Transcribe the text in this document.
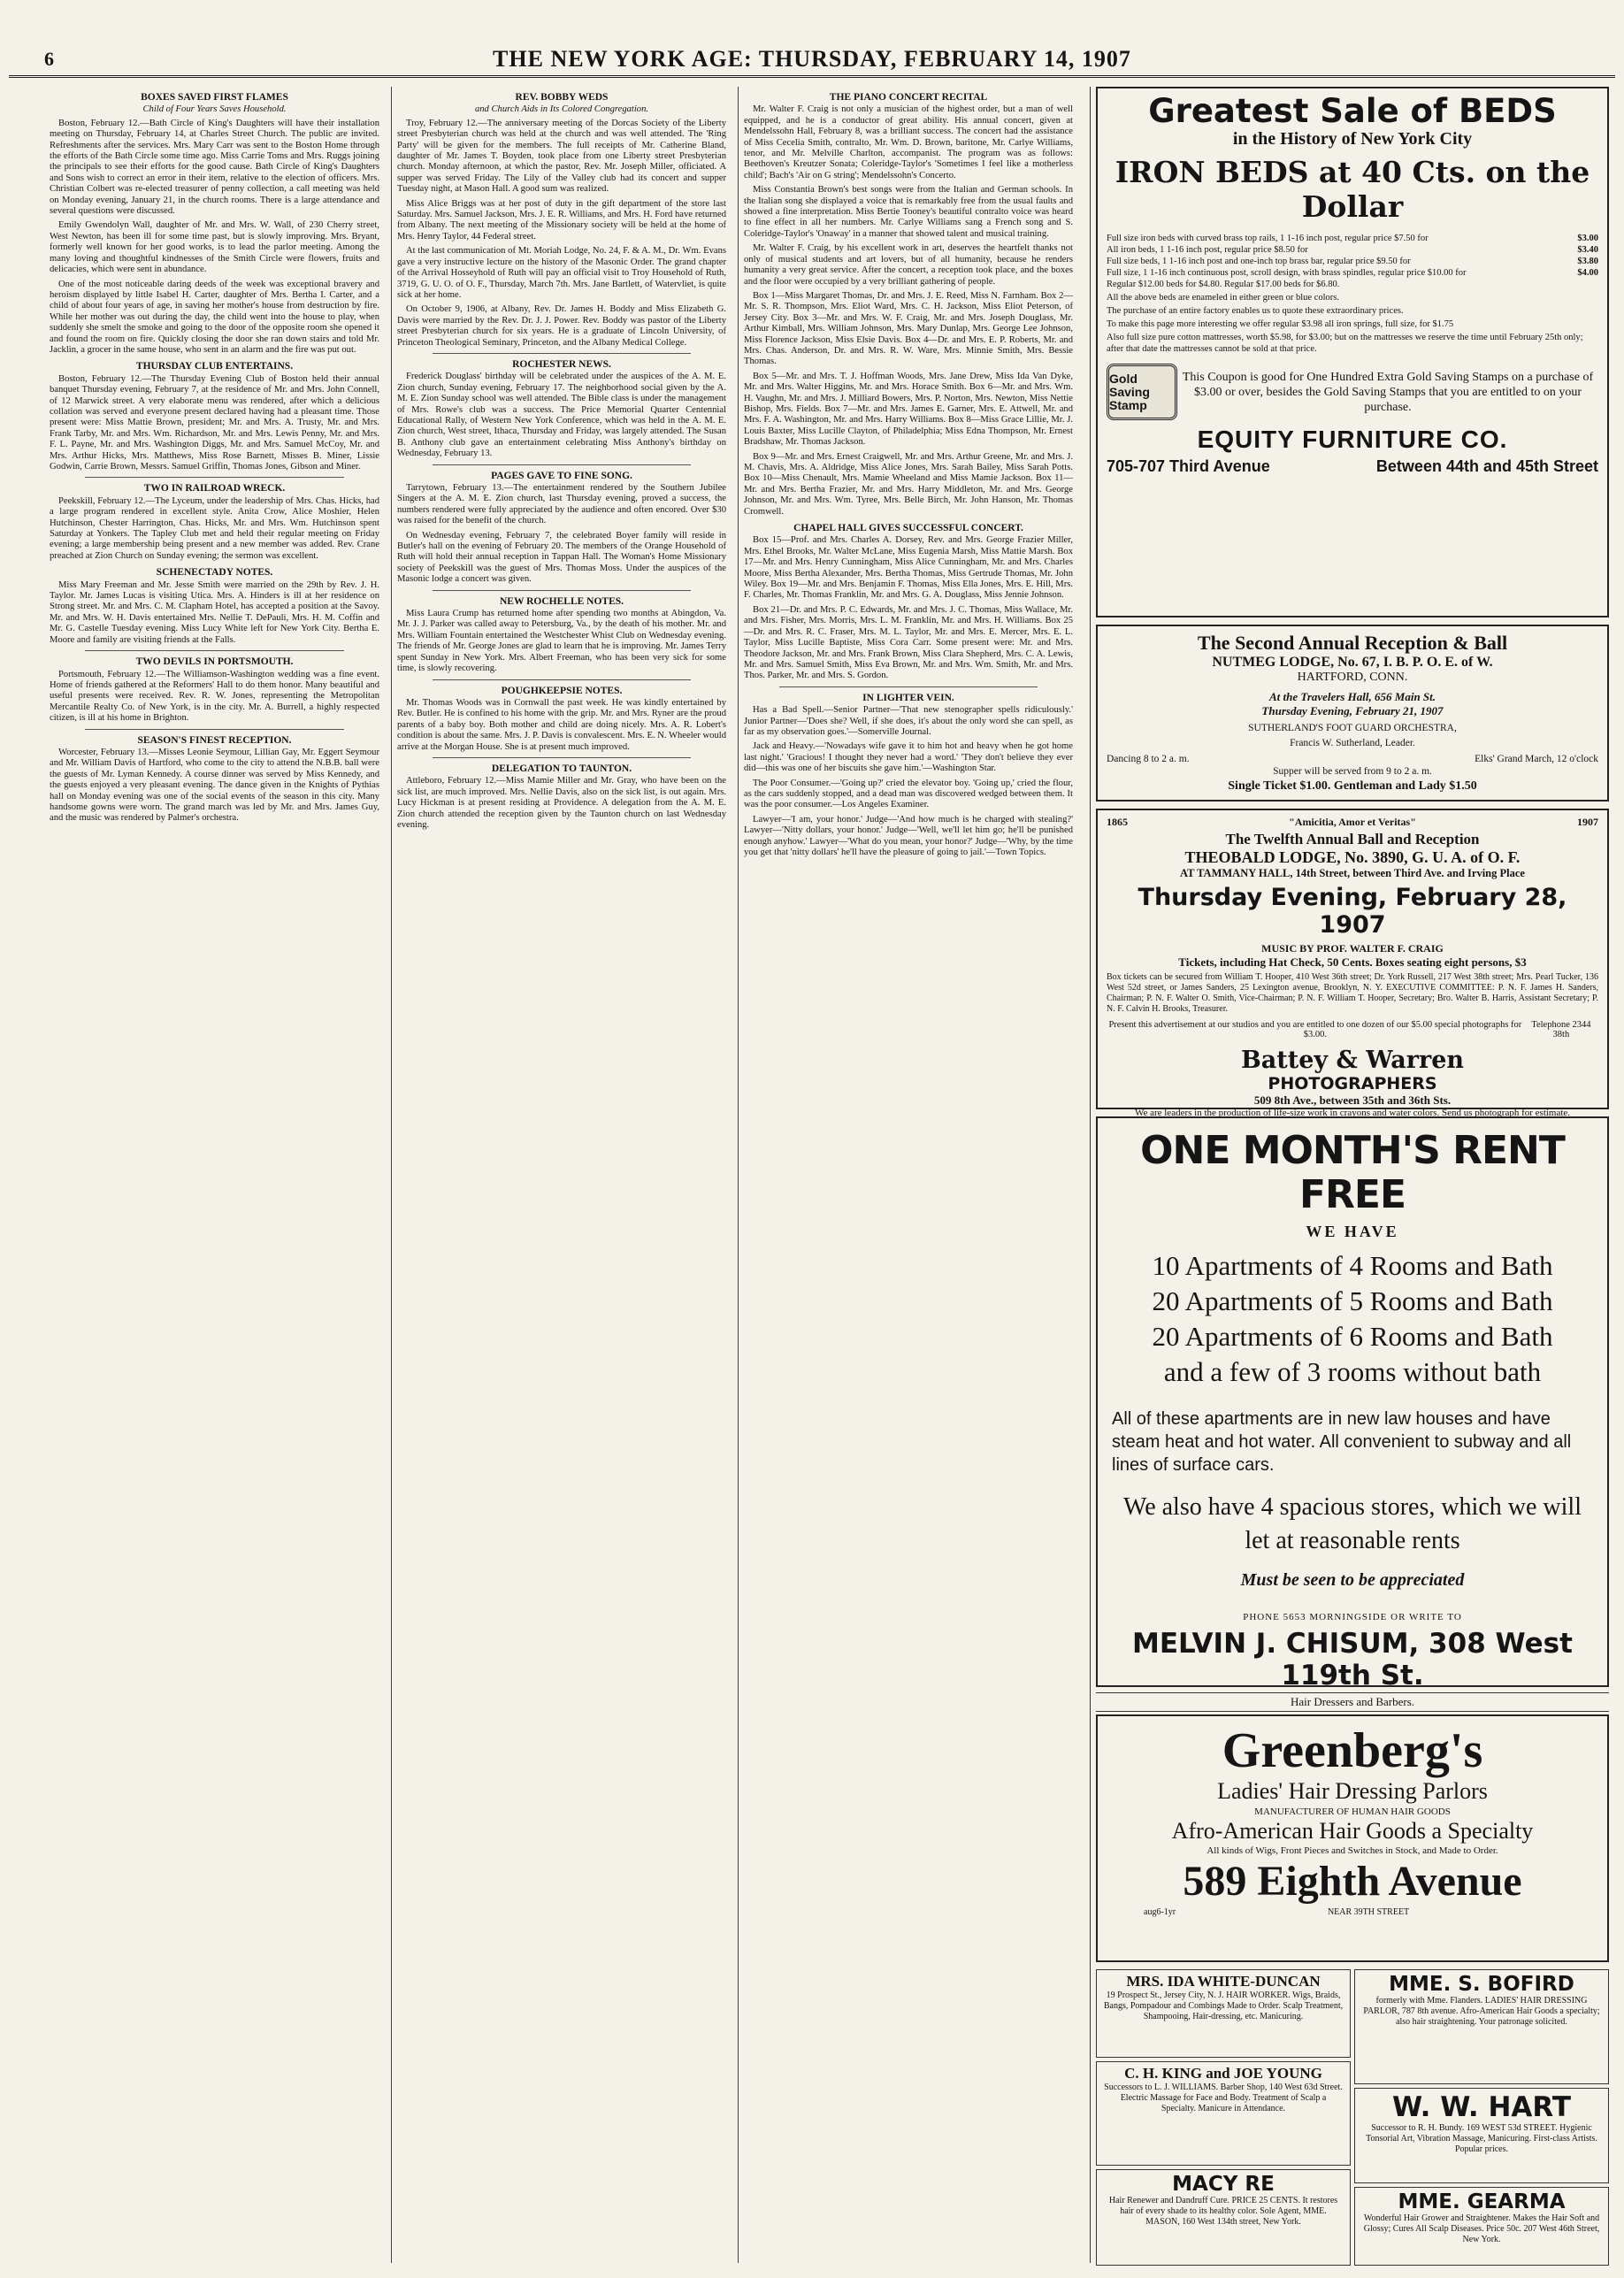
6	THE NEW YORK AGE: THURSDAY, FEBRUARY 14, 1907
BOXES SAVED FIRST FLAMES
Child of Four Years Saves Household.

Boston, February 12.—Bath Circle of King's Daughters will have their installation meeting on Thursday, February 14, at Charles Street Church. The public are invited. Refreshments after the services. Mrs. Mary Carr was sent to the Boston Home through the efforts of the Bath Circle some time ago. Miss Carrie Toms and Mrs. Ruggs joining the principals to see their efforts for the good cause. Bath Circle of King's Daughters and Sons wish to correct an error in their item, relative to the election of officers. Mrs. Christian Colbert was re-elected treasurer of penny collection, a call meeting was held on Monday evening, January 21, in the church rooms. There is a large attendance and several questions were discussed.

Emily Gwendolyn Wall, daughter of Mr. and Mrs. W. Wall, of 230 Cherry street, West Newton, has been ill for some time past, but is slowly improving. Mrs. Bryant, formerly well known for her good works, is to lead the parlor meeting. Among the many loving and thoughtful kindnesses of the Smith Circle were flowers, fruits and delicacies, which were sent in abundance.

One of the most noticeable daring deeds of the week was exceptional bravery and heroism displayed by little Isabel H. Carter, daughter of Mrs. Bertha I. Carter, and a child of about four years of age, in saving her mother's house from destruction by fire. While her mother was out during the day, the child went into the house to play, when suddenly she smelt the smoke and going to the door of the opposite room she opened it and found the room on fire. Quickly closing the door she ran down stairs and told Mr. Jacklin, a grocer in the same house, who sent in an alarm and the fire was put out.

THURSDAY CLUB ENTERTAINS.

Boston, February 12.—The Thursday Evening Club of Boston held their annual banquet Thursday evening, February 7, at the residence of Mr. and Mrs. John Connell, of 12 Marwick street. A very elaborate menu was rendered, after which a delicious collation was served and everyone present declared having had a pleasant time. Those present were: Miss Mattie Brown, president; Mr. and Mrs. A. Trusty, Mr. and Mrs. Frank Tarby, Mr. and Mrs. Wm. Richardson, Mr. and Mrs. Lewis Penny, Mr. and Mrs. F. L. Payne, Mr. and Mrs. Washington Diggs, Mr. and Mrs. Samuel McCoy, Mr. and Mrs. Arthur Hicks, Mrs. Matthews, Miss Rose Barnett, Misses B. Miner, Lissie Godwin, Carrie Brown, Messrs. Samuel Griffin, Thomas Jones, Gibson and Miner.

TWO IN RAILROAD WRECK.

Peekskill, February 12.—The Lyceum, under the leadership of Mrs. Chas. Hicks, had a large program rendered in excellent style. Anita Crow, Alice Moshier, Helen Hutchinson, Chester Harrington, Chas. Hicks, Mr. and Mrs. Wm. Hutchinson spent Saturday at Yonkers. The Tapley Club met and held their regular meeting on Friday evening; a large membership being present and a new member was added. Rev. Crane preached at Zion Church on Sunday evening; the sermon was excellent.

SCHENECTADY NOTES.

Miss Mary Freeman and Mr. Jesse Smith were married on the 29th by Rev. J. H. Taylor. Mr. James Lucas is visiting Utica. Mrs. A. Hinders is ill at her residence on Strong street. Mr. and Mrs. C. M. Clapham Hotel, has accepted a position at the Savoy. Mr. and Mrs. W. H. Davis entertained Mrs. Nellie T. DePauli, Mrs. H. M. Coffin and Mr. G. Castelle Tuesday evening. Miss Lucy White left for New York City. Bertha E. Moore and family are visiting friends at the Falls.

TWO DEVILS IN PORTSMOUTH.

Portsmouth, February 12.—The Williamson-Washington wedding was a fine event. Home of friends gathered at the Reformers' Hall to do them honor. Many beautiful and useful presents were received. Rev. R. W. Jones, representing the Metropolitan Mercantile Realty Co. of New York, is in the city. Mr. A. Burrell, a highly respected citizen, is ill at his home in Brighton.

SEASON'S FINEST RECEPTION.

Worcester, February 13.—Misses Leonie Seymour, Lillian Gay, Mr. Eggert Seymour and Mr. William Davis of Hartford, who come to the city to attend the N.B.B. ball were the guests of Mr. Lyman Kennedy. A course dinner was served by Miss Kennedy, and the guests enjoyed a very pleasant evening. The dance given in the Knights of Pythias hall on Monday evening was one of the social events of the season in this city. Many handsome gowns were worn. The grand march was led by Mr. and Mrs. James Guy, and the music was rendered by Palmer's orchestra.

REV. BOBBY WEDS
and Church Aids in Its Colored Congregation.

Troy, February 12.—The anniversary meeting of the Dorcas Society of the Liberty street Presbyterian church was held at the church and was well attended. The 'Ring Party' will be given for the members. The full receipts of Mr. Catherine Bland, daughter of Mr. James T. Boyden, took place from one Liberty street Presbyterian church. Monday afternoon, at which the pastor, Rev. Mr. Joseph Miller, officiated. A supper was served Friday. The Lily of the Valley club had its concert and supper Tuesday night, at Mason Hall. A good sum was realized.

Miss Alice Briggs was at her post of duty in the gift department of the store last Saturday. Mrs. Samuel Jackson, Mrs. J. E. R. Williams, and Mrs. H. Ford have returned from Albany. The next meeting of the Missionary society will be held at the home of Mrs. Henry Taylor, 44 Federal street.

At the last communication of Mt. Moriah Lodge, No. 24, F. & A. M., Dr. Wm. Evans gave a very instructive lecture on the history of the Masonic Order. The grand chapter of the Arrival Hosseyhold of Ruth will pay an official visit to Troy Household of Ruth, 3719, G. U. O. of O. F., Thursday, March 7th. Mrs. Jane Bartlett, of Watervliet, is quite sick at her home.

On October 9, 1906, at Albany, Rev. Dr. James H. Boddy and Miss Elizabeth G. Davis were married by the Rev. Dr. J. J. Power. Rev. Boddy was pastor of the Liberty street Presbyterian church for six years. He is a graduate of Lincoln University, of Princeton Theological Seminary, Princeton, and the Albany Medical College.

ROCHESTER NEWS.

Frederick Douglass' birthday will be celebrated under the auspices of the A. M. E. Zion church, Sunday evening, February 17. The neighborhood social given by the A. M. E. Zion Sunday school was well attended. The Bible class is under the management of Mrs. Rowe's club was a success. The Price Memorial Quarter Centennial Educational Rally, of Western New York Conference, which was held in the A. M. E. Zion church, West street, Ithaca, Thursday and Friday, was largely attended. The Susan B. Anthony club gave an entertainment celebrating Miss Anthony's birthday on Wednesday, February 13.

PAGES GAVE TO FINE SONG.

Tarrytown, February 13.—The entertainment rendered by the Southern Jubilee Singers at the A. M. E. Zion church, last Thursday evening, proved a success, the numbers rendered were fully appreciated by the audience and often encored. Over $30 was raised for the benefit of the church.

On Wednesday evening, February 7, the celebrated Boyer family will reside in Butler's hall on the evening of February 20. The members of the Orange Household of Ruth will hold their annual reception in Tappan Hall. The Woman's Home Missionary society of Peekskill was the guest of Mrs. Thomas Moss. Under the auspices of the Masonic lodge a concert was given.

NEW ROCHELLE NOTES.

Miss Laura Crump has returned home after spending two months at Abingdon, Va. Mr. J. J. Parker was called away to Petersburg, Va., by the death of his mother. Mr. and Mrs. William Fountain entertained the Westchester Whist Club on Wednesday evening. The friends of Mr. George Jones are glad to learn that he is improving. Mr. James Terry spent Sunday in New York. Mrs. Albert Freeman, who has been very sick for some time, is slowly recovering.

POUGHKEEPSIE NOTES.

Mr. Thomas Woods was in Cornwall the past week. He was kindly entertained by Rev. Butler. He is confined to his home with the grip. Mr. and Mrs. Ryner are the proud parents of a baby boy. Both mother and child are doing nicely. Mrs. A. R. Lobert's condition is about the same. Mrs. J. P. Davis is convalescent. Mrs. E. N. Wheeler would arrive at the Morgan House. She is at present much improved.

DELEGATION TO TAUNTON.

Attleboro, February 12.—Miss Mamie Miller and Mr. Gray, who have been on the sick list, are much improved. Mrs. Nellie Davis, also on the sick list, is out again. Mrs. Lucy Hickman is at present residing at Providence. A delegation from the A. M. E. Zion church attended the reception given by the Taunton church on last Wednesday evening.

THE PIANO CONCERT RECITAL

Mr. Walter F. Craig is not only a musician of the highest order, but a man of well equipped, and he is a conductor of great ability. His annual concert, given at Mendelssohn Hall, February 8, was a brilliant success. The concert had the assistance of Miss Cecelia Smith, contralto, Mr. Wm. D. Brown, baritone, Mr. Carlye Williams, tenor, and Mr. Melville Charlton, accompanist. The program was as follows: Beethoven's Kreutzer Sonata; Coleridge-Taylor's 'Sometimes I feel like a motherless child'; Bach's 'Air on G string'; Mendelssohn's Concerto.

Miss Constantia Brown's best songs were from the Italian and German schools. In the Italian song she displayed a voice that is remarkably free from the usual faults and showed a fine interpretation. Miss Bertie Tooney's beautiful contralto voice was heard to fine effect in all her numbers. Mr. Carlye Williams sang a French song and S. Coleridge-Taylor's 'Onaway' in a manner that showed talent and musical training.

Mr. Walter F. Craig, by his excellent work in art, deserves the heartfelt thanks not only of musical students and art lovers, but of all humanity, because he renders humanity a very great service. After the concert, a reception took place, and the boxes and the floor were occupied by a very brilliant gathering of people.

Box 1—Miss Margaret Thomas, Dr. and Mrs. J. E. Reed, Miss N. Farnham. Box 2—Mr. S. R. Thompson, Mrs. Eliot Ward, Mrs. C. H. Jackson, Miss Eliot Peterson, of Jersey City. Box 3—Mr. and Mrs. W. F. Craig, Mr. and Mrs. Joseph Douglass, Mr. Arthur Kimball, Mrs. William Johnson, Mrs. Mary Dunlap, Mrs. George Lee Johnson, Miss Florence Jackson, Miss Elsie Davis. Box 4—Dr. and Mrs. E. P. Roberts, Mr. and Mrs. Chas. Anderson, Dr. and Mrs. R. W. Ware, Mrs. Minnie Smith, Mrs. Bessie Thomas.

Box 5—Mr. and Mrs. T. J. Hoffman Woods, Mrs. Jane Drew, Miss Ida Van Dyke, Mr. and Mrs. Walter Higgins, Mr. and Mrs. Horace Smith. Box 6—Mr. and Mrs. Wm. H. Vaughn, Mr. and Mrs. J. Milliard Bowers, Mrs. P. Norton, Mrs. Newton, Miss Nettie Bishop, Mrs. Fields. Box 7—Mr. and Mrs. James E. Garner, Mrs. E. Attwell, Mr. and Mrs. F. A. Washington, Mr. and Mrs. Harry Williams. Box 8—Miss Grace Lillie, Mr. J. Louis Baxter, Miss Lucille Clayton, of Philadelphia; Miss Edna Thompson, Mr. Ernest Bradshaw, Mr. Thomas Jackson.

Box 9—Mr. and Mrs. Ernest Craigwell, Mr. and Mrs. Arthur Greene, Mr. and Mrs. J. M. Chavis, Mrs. A. Aldridge, Miss Alice Jones, Mrs. Sarah Bailey, Miss Sarah Potts. Box 10—Miss Chenault, Mrs. Mamie Wheeland and Miss Mamie Jackson. Box 11—Mr. and Mrs. Bertha Frazier, Mr. and Mrs. Harry Middleton, Mr. and Mrs. George Johnson, Mr. and Mrs. Wm. Tyree, Mrs. Belle Birch, Mr. John Hanson, Mr. Thomas Cromwell.

CHAPEL HALL GIVES SUCCESSFUL CONCERT.

Box 15—Prof. and Mrs. Charles A. Dorsey, Rev. and Mrs. George Frazier Miller, Mrs. Ethel Brooks, Mr. Walter McLane, Miss Eugenia Marsh, Miss Mattie Marsh. Box 17—Mr. and Mrs. Henry Cunningham, Miss Alice Cunningham, Mr. and Mrs. Charles Moore, Miss Bertha Alexander, Mrs. Bertha Thomas, Miss Gertrude Thomas, Mr. John Wiley. Box 19—Mr. and Mrs. Benjamin F. Thomas, Miss Ella Jones, Mrs. E. Hill, Mrs. F. Charles, Mr. Thomas Franklin, Mr. and Mrs. G. A. Douglass, Miss Jennie Johnson.

Box 21—Dr. and Mrs. P. C. Edwards, Mr. and Mrs. J. C. Thomas, Miss Wallace, Mr. and Mrs. Fisher, Mrs. Morris, Mrs. L. M. Franklin, Mr. and Mrs. H. Williams. Box 25—Dr. and Mrs. R. C. Fraser, Mrs. M. L. Taylor, Mr. and Mrs. E. Mercer, Mrs. E. L. Taylor, Miss Lucille Baptiste, Miss Cora Carr. Some present were: Mr. and Mrs. Theodore Jackson, Mr. and Mrs. Frank Brown, Miss Clara Shepherd, Mrs. C. A. Lewis, Mr. and Mrs. Samuel Smith, Miss Eva Brown, Mr. and Mrs. Wm. Smith, Mr. and Mrs. Thos. Parker, Mr. and Mrs. S. Gordon.

IN LIGHTER VEIN.

Has a Bad Spell.—Senior Partner—'That new stenographer spells ridiculously.' Junior Partner—'Does she? Well, if she does, it's about the only word she can spell, as far as my observation goes.'—Somerville Journal.

Jack and Heavy.—'Nowadays wife gave it to him hot and heavy when he got home last night.' 'Gracious! I thought they never had a word.' 'They don't believe they ever did—this was one of her biscuits she gave him.'—Washington Star.

The Poor Consumer.—'Going up?' cried the elevator boy. 'Going up,' cried the flour, as the cars suddenly stopped, and a dead man was discovered wedged between them. It was the poor consumer.—Los Angeles Examiner.

Lawyer—'I am, your honor.' Judge—'And how much is he charged with stealing?' Lawyer—'Nitty dollars, your honor.' Judge—'Well, we'll let him go; he'll be punished enough anyhow.' Lawyer—'What do you mean, your honor?' Judge—'Why, by the time you get that 'nitty dollars' he'll have the pleasure of going to jail.'—Town Topics.

Greatest Sale of BEDS
in the History of New York City
IRON BEDS at 40 Cts. on the Dollar
Full size iron beds with curved brass top rails, 1 1-16 inch post, regular price $7.50 for	$3.00
All iron beds, 1 1-16 inch post, regular price $8.50 for	$3.40
Full size beds, 1 1-16 inch post and one-inch top brass bar, regular price $9.50 for	$3.80
Full size, 1 1-16 inch continuous post, scroll design, with brass spindles, regular price $10.00 for	$4.00
Regular $12.00 beds for $4.80. Regular $17.00 beds for $6.80.
All the above beds are enameled in either green or blue colors.
The purchase of an entire factory enables us to quote these extraordinary prices.
To make this page more interesting we offer regular $3.98 all iron springs, full size, for $1.75
Also full size pure cotton mattresses, worth $5.98, for $3.00; but on the mattresses we reserve the time until February 25th only; after that date the mattresses cannot be sold at that price.
Gold Saving Stamp
This Coupon is good for One Hundred Extra Gold Saving Stamps on a purchase of $3.00 or over, besides the Gold Saving Stamps that you are entitled to on your purchase.
EQUITY FURNITURE CO.
705-707 Third Avenue	Between 44th and 45th Street
The Second Annual Reception & Ball
NUTMEG LODGE, No. 67, I. B. P. O. E. of W.
HARTFORD, CONN.
At the Travelers Hall, 656 Main St.
Thursday Evening, February 21, 1907
SUTHERLAND'S FOOT GUARD ORCHESTRA,
Francis W. Sutherland, Leader.
Dancing 8 to 2 a. m.	Elks' Grand March, 12 o'clock
Supper will be served from 9 to 2 a. m.
Single Ticket $1.00. Gentleman and Lady $1.50
1865	"Amicitia, Amor et Veritas"	1907
The Twelfth Annual Ball and Reception
THEOBALD LODGE, No. 3890, G. U. A. of O. F.
AT TAMMANY HALL, 14th Street, between Third Ave. and Irving Place
Thursday Evening, February 28, 1907
MUSIC BY PROF. WALTER F. CRAIG
Tickets, including Hat Check, 50 Cents. Boxes seating eight persons, $3
Box tickets can be secured from William T. Hooper, 410 West 36th street; Dr. York Russell, 217 West 38th street; Mrs. Pearl Tucker, 136 West 52d street, or James Sanders, 25 Lexington avenue, Brooklyn, N. Y. EXECUTIVE COMMITTEE: P. N. F. James H. Sanders, Chairman; P. N. F. Walter O. Smith, Vice-Chairman; P. N. F. William T. Hooper, Secretary; Bro. Walter B. Harris, Assistant Secretary; P. N. F. Calvin H. Brooks, Treasurer.
Present this advertisement at our studios and you are entitled to one dozen of our $5.00 special photographs for $3.00.
Telephone 2344 38th
Battey & Warren
PHOTOGRAPHERS
509 8th Ave., between 35th and 36th Sts.
We are leaders in the production of life-size work in crayons and water colors. Send us photograph for estimate.
ONE MONTH'S RENT FREE
WE HAVE
10 Apartments of 4 Rooms and Bath
20 Apartments of 5 Rooms and Bath
20 Apartments of 6 Rooms and Bath
and a few of 3 rooms without bath
All of these apartments are in new law houses and have steam heat and hot water. All convenient to subway and all lines of surface cars.
We also have 4 spacious stores, which we will let at reasonable rents
Must be seen to be appreciated
PHONE 5653 MORNINGSIDE OR WRITE TO
MELVIN J. CHISUM, 308 West 119th St.
Hair Dressers and Barbers.
Greenberg's
Ladies' Hair Dressing Parlors
MANUFACTURER OF HUMAN HAIR GOODS
Afro-American Hair Goods a Specialty
All kinds of Wigs, Front Pieces and Switches in Stock, and Made to Order.
589 Eighth Avenue
aug6-1yr	NEAR 39TH STREET
MRS. IDA WHITE-DUNCAN
19 Prospect St., Jersey City, N. J. HAIR WORKER. Wigs, Braids, Bangs, Pompadour and Combings Made to Order. Scalp Treatment, Shampooing, Hair-dressing, etc. Manicuring.
MME. S. BOFIRD
formerly with Mme. Flanders. LADIES' HAIR DRESSING PARLOR, 787 8th avenue. Afro-American Hair Goods a specialty; also hair straightening. Your patronage solicited.
C. H. KING and JOE YOUNG
Successors to L. J. WILLIAMS. Barber Shop, 140 West 63d Street. Electric Massage for Face and Body. Treatment of Scalp a Specialty. Manicure in Attendance.	W. W. HART
Successor to R. H. Bundy. 169 WEST 53d STREET. Hygienic Tonsorial Art, Vibration Massage, Manicuring. First-class Artists. Popular prices.
MACY RE
Hair Renewer and Dandruff Cure. PRICE 25 CENTS. It restores hair of every shade to its healthy color. Sole Agent, MME. MASON, 160 West 134th street, New York.
MME. GEARMA
Wonderful Hair Grower and Straightener. Makes the Hair Soft and Glossy; Cures All Scalp Diseases. Price 50c. 207 West 46th Street, New York.
